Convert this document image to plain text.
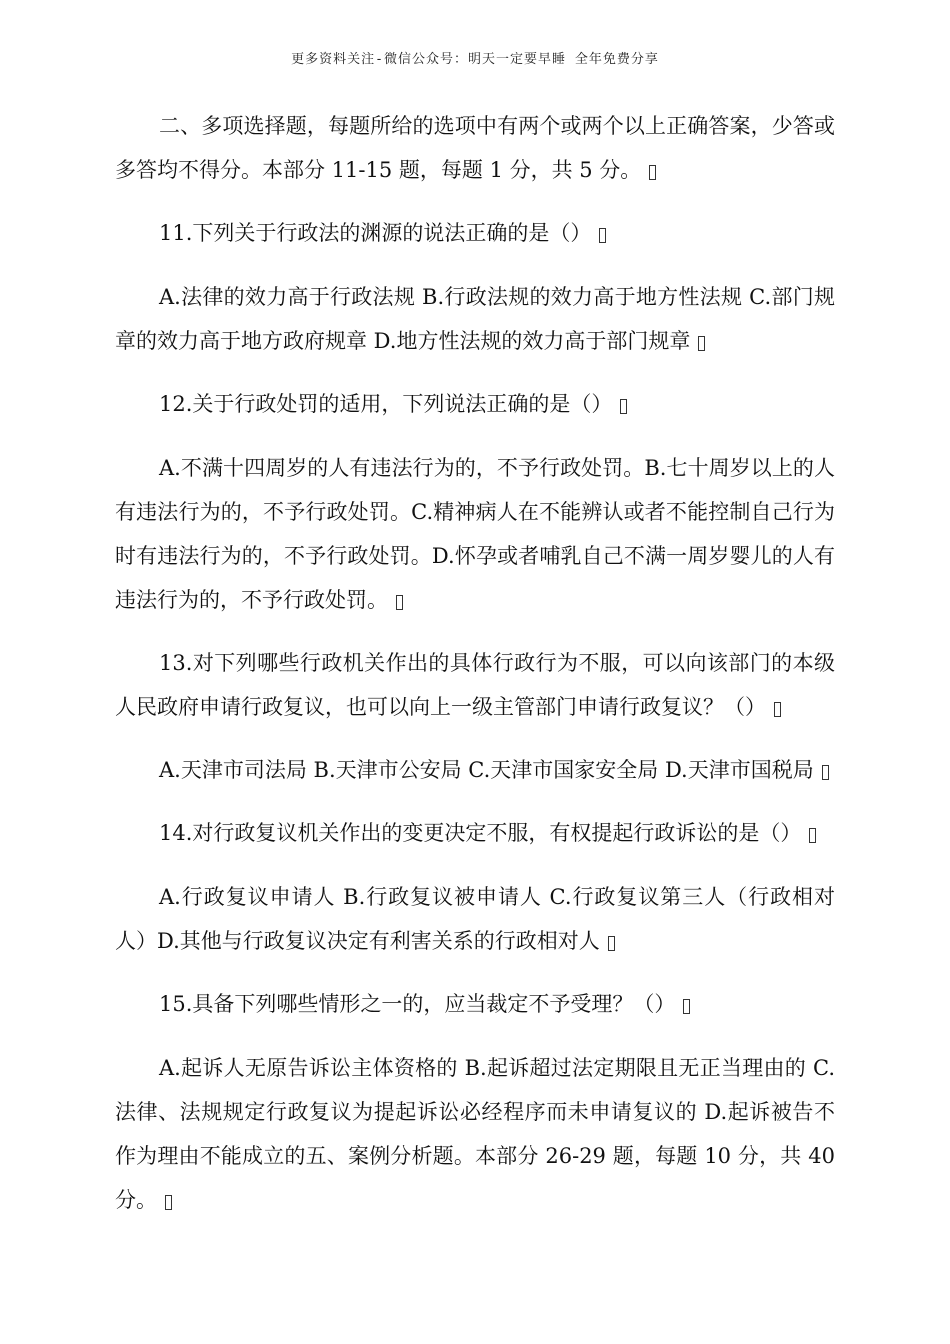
更多资料关注-微信公众号：明天一定要早睡 全年免费分享

二、多项选择题，每题所给的选项中有两个或两个以上正确答案，少答或多答均不得分。本部分 11-15 题，每题 1 分，共 5 分。

11.下列关于行政法的渊源的说法正确的是（）

A.法律的效力高于行政法规 B.行政法规的效力高于地方性法规 C.部门规章的效力高于地方政府规章 D.地方性法规的效力高于部门规章

12.关于行政处罚的适用，下列说法正确的是（）

A.不满十四周岁的人有违法行为的，不予行政处罚。B.七十周岁以上的人有违法行为的，不予行政处罚。C.精神病人在不能辨认或者不能控制自己行为时有违法行为的，不予行政处罚。D.怀孕或者哺乳自己不满一周岁婴儿的人有违法行为的，不予行政处罚。

13.对下列哪些行政机关作出的具体行政行为不服，可以向该部门的本级人民政府申请行政复议，也可以向上一级主管部门申请行政复议？（）

A.天津市司法局 B.天津市公安局 C.天津市国家安全局 D.天津市国税局

14.对行政复议机关作出的变更决定不服，有权提起行政诉讼的是（）

A.行政复议申请人 B.行政复议被申请人 C.行政复议第三人（行政相对人）D.其他与行政复议决定有利害关系的行政相对人

15.具备下列哪些情形之一的，应当裁定不予受理？（）

A.起诉人无原告诉讼主体资格的 B.起诉超过法定期限且无正当理由的 C.法律、法规规定行政复议为提起诉讼必经程序而未申请复议的 D.起诉被告不作为理由不能成立的五、案例分析题。本部分 26-29 题，每题 10 分，共 40 分。
